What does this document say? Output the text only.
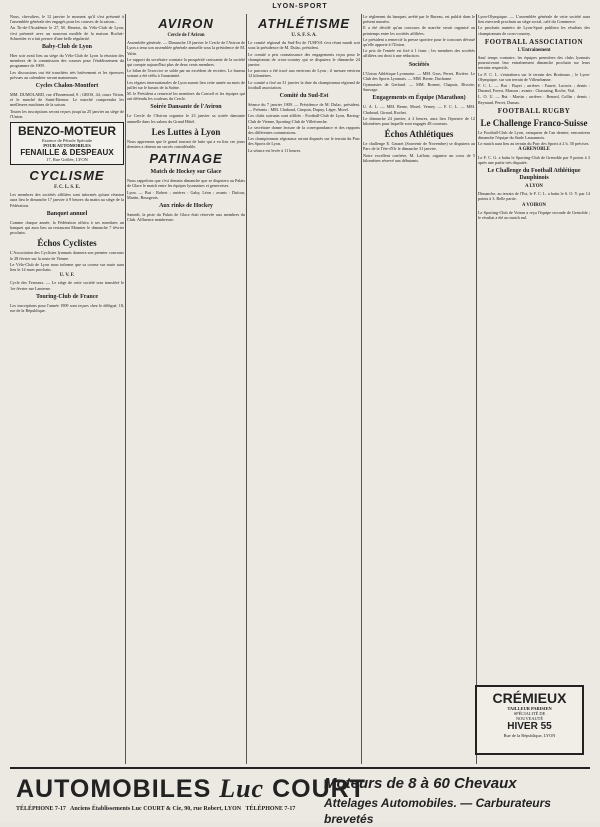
LYON-SPORT

Nous, chevaliers, le 12 janvier le moment qu'il s'est présenté à l'assemblée générale des engagés pour les courses de la saison...

Au Tir-de-l'Académie le 27, M. Henriot, du Vélo-Club de Lyon, s'est présenté avec un nouveau modèle de la maison Rochet-Schneider et a fait preuve d'une belle régularité.

Baby-Club de Lyon

Hier soir avait lieu au siège du Vélo-Club de Lyon la réunion des membres de la commission des courses pour l'établissement du programme de 1909.

Les discussions ont été tranchées très brièvement et les épreuves prévues au calendrier seront maintenues.

Cycles Chalon-Montfort

MM. DUMOLARD, rue d'Ennemond, 8 ; GROS, 44, cours Vitton, et le marché de Saint-Etienne. Le marché comprendra les meilleures machines de la saison.

Toutes les inscriptions seront reçues jusqu'au 25 janvier au siège de l'Union.

BENZO-MOTEUR
Essence de Pétrole Spéciale
POUR AUTOMOBILES
FENAILLE & DESPEAUX
17, Rue Grôlée, LYON
CYCLISME
F. C. L. S. E.

Les membres des sociétés affiliées sont informés qu'une réunion aura lieu le dimanche 17 janvier à 9 heures du matin au siège de la Fédération.

Banquet annuel

Comme chaque année, la Fédération offrira à ses membres un banquet qui aura lieu au restaurant Monnier le dimanche 7 février prochain.

Échos Cyclistes

L'Association des Cyclistes lyonnais donnera son premier concours le 28 février sur la route de Vienne.

Le Vélo-Club de Lyon nous informe que sa course sur route aura lieu le 14 mars prochain.

U. V. F.

Cycle des Terreaux. — Le siège de cette société sera transféré le 1er février rue Lanterne.

Touring-Club de France

Les inscriptions pour l'année 1909 sont reçues chez le délégué, 18, rue de la République.

AVIRON
Cercle de l'Aviron

Assemblée générale. — Dimanche 10 janvier le Cercle de l'Aviron de Lyon a tenu son assemblée générale annuelle sous la présidence de M. Valin.

Le rapport du secrétaire constate la prospérité croissante de la société qui compte aujourd'hui plus de deux cents membres.

Le bilan de l'exercice se solde par un excédent de recettes. Le bureau sortant a été réélu à l'unanimité.

Les régates internationales de Lyon auront lieu cette année au mois de juillet sur le bassin de la Saône.

M. le Président a remercié les membres du Conseil et les équipes qui ont défendu les couleurs du Cercle.

Soirée Dansante de l'Aviron

Le Cercle de l'Aviron organise le 23 janvier sa soirée dansante annuelle dans les salons du Grand Hôtel.

Les Luttes à Lyon

Nous apprenons que le grand tournoi de lutte qui a eu lieu ces jours derniers a obtenu un succès considérable.

PATINAGE
Match de Hockey sur Glace

Nous rappelons que c'est demain dimanche que se disputera au Palais de Glace le match entre les équipes lyonnaises et genevoises.

Lyon. — But : Robert ; arrières : Gaby, Léon ; avants : Dufour, Martin, Bourgeois.

Aux rinks de Hockey

Samedi, la piste du Palais de Glace était réservée aux membres du Club. Affluence nombreuse.

ATHLÉTISME
U. S. F. S. A.

Le comité régional du Sud-Est de l'USFSA s'est réuni mardi soir sous la présidence de M. Dulac, président.

Le comité a pris connaissance des engagements reçus pour le championnat de cross-country qui se disputera le dimanche 24 janvier.

Le parcours a été tracé aux environs de Lyon ; il mesure environ 12 kilomètres.

Le comité a fixé au 31 janvier la date du championnat régional de football association.

Comité du Sud-Est

Séance du 7 janvier 1909. — Présidence de M. Dulac, président. — Présents : MM. Chaboud, Cinquin, Dupuy, Léger, Morel.

Les clubs suivants sont affiliés : Football-Club de Lyon, Racing-Club de Vienne, Sporting-Club de Villefranche.

Le secrétaire donne lecture de la correspondance et des rapports des différentes commissions.

Les championnats régionaux seront disputés sur le terrain du Parc des Sports de Lyon.

La séance est levée à 11 heures.

Le règlement du banquet, arrêté par le Bureau, est publié dans le présent numéro.

Il a été décidé qu'un concours de marche serait organisé au printemps entre les sociétés affiliées.

Le président a remercié la presse sportive pour le concours dévoué qu'elle apporte à l'Union.

Le prix de l'entrée est fixé à 1 franc ; les membres des sociétés affiliées ont droit à une réduction.

Sociétés

L'Union Athlétique Lyonnaise. — MM. Gros, Perret, Rivière. Le Club des Sports Lyonnais. — MM. Berne, Ducharne.

Gymnastes de Gerland. — MM. Bonnet, Chapuis, Rivoire, Sauvage.

Engagements en Équipe (Marathon)

U. A. L. — MM. Berne, Morel, Verney. — F. C. L. — MM. Chaboud, Giraud, Rochet.

Le dimanche 24 janvier, à 2 heures, aura lieu l'épreuve de 12 kilomètres pour laquelle sont engagés 48 coureurs.

Échos Athlétiques

Le challenge E. Gauzet (Souvenir de Novembre) se disputera au Parc de la Tête-d'Or le dimanche 31 janvier.

Notre excellent confrère, M. Laffont, organise un cross de 5 kilomètres réservé aux débutants.

Lyon-Olympique. — L'assemblée générale de cette société aura lieu mercredi prochain au siège social, café du Commerce.

Le prochain numéro de Lyon-Sport publiera les résultats des championnats de cross-country.

FOOTBALL ASSOCIATION
L'Entraînement

Sauf temps contraire, les équipes premières des clubs lyonnais poursuivront leur entraînement dimanche prochain sur leurs terrains respectifs.

Le F. C. L. s'entraînera sur le terrain des Brotteaux ; le Lyon-Olympique, sur son terrain de Villeurbanne.

F. C. L. — But : Bayet ; arrières : Faurie, Lacroix ; demis : Durand, Forest, Masson ; avants : Chassaing, Roche, Vial.

L. O. U. — But : Martin ; arrières : Renard, Collin ; demis : Reynaud, Perret, Dumas.

FOOTBALL RUGBY
Le Challenge Franco-Suisse

Le Football-Club de Lyon, vainqueur de l'an dernier, rencontrera dimanche l'équipe du Stade Lausannois.

Le match aura lieu au terrain du Parc des Sports à 2 h. 30 précises.

A GRENOBLE

Le F. C. G. a battu le Sporting-Club de Grenoble par 9 points à 3 après une partie très disputée.

Le Challenge du Football Athlétique Dauphinois
A LYON

Dimanche, au terrain de l'Est, le F. C. L. a battu le S. O. Y. par 14 points à 3. Belle partie.

A VOIRON

Le Sporting-Club de Voiron a reçu l'équipe seconde de Grenoble ; le résultat a été un match nul.

CRÉMIEUX
TAILLEUR PARISIEN
SPÉCIALITÉ DE
NOUVEAUTÉ
HIVER 55
Rue de la République, LYON
AUTOMOBILES Luc COURT
TÉLÉPHONE 7-17 Anciens Établissements Luc COURT & Cie, 90, rue Robert, LYON TÉLÉPHONE 7-17
Moteurs de 8 à 60 Chevaux
Attelages Automobiles. — Carburateurs brevetés
